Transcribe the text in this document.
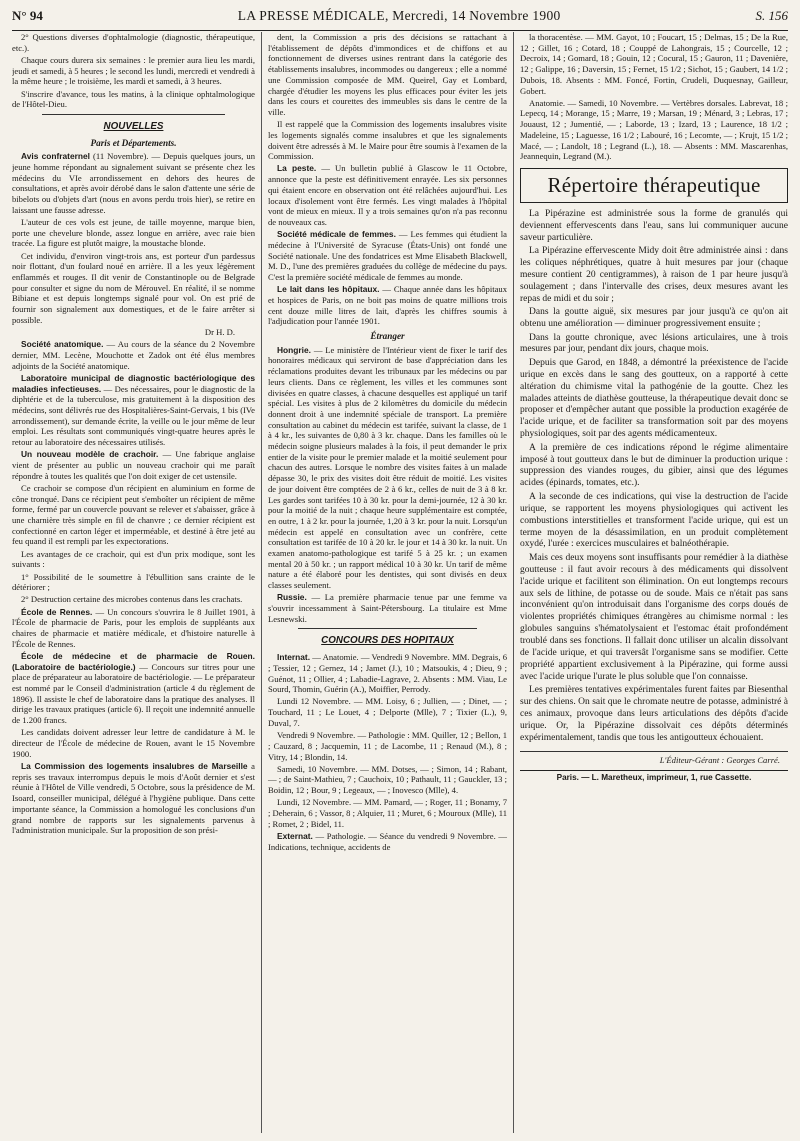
N° 94	LA PRESSE MÉDICALE, Mercredi, 14 Novembre 1900	S. 156

2° Questions diverses d'ophtalmologie (diagnostic, thérapeutique, etc.).

Chaque cours durera six semaines : le premier aura lieu les mardi, jeudi et samedi, à 5 heures ; le second les lundi, mercredi et vendredi à la même heure ; le troisième, les mardi et samedi, à 3 heures.

S'inscrire d'avance, tous les matins, à la clinique ophtalmologique de l'Hôtel-Dieu.

NOUVELLES
Paris et Départements.

Avis confraternel (11 Novembre). — Depuis quelques jours, un jeune homme répondant au signalement suivant se présente chez les médecins du VIe arrondissement en dehors des heures de consultations, et après avoir dérobé dans le salon d'attente une série de bibelots ou d'objets d'art (nous en avons perdu trois hier), se retire en laissant une fausse adresse.

L'auteur de ces vols est jeune, de taille moyenne, marque bien, porte une chevelure blonde, assez longue en arrière, avec raie bien tracée. La figure est plutôt maigre, la moustache blonde.

Cet individu, d'environ vingt-trois ans, est porteur d'un pardessus noir flottant, d'un foulard noué en arrière. Il a les yeux légèrement enflammés et rouges. Il dit venir de Constantinople ou de Belgrade pour consulter et signe du nom de Mérouvel. En réalité, il se nomme Bibiane et est depuis longtemps signalé pour vol. On est prié de fournir son signalement aux domestiques, et de le faire arrêter si possible.

Dr H. D.

Société anatomique. — Au cours de la séance du 2 Novembre dernier, MM. Lecène, Mouchotte et Zadok ont été élus membres adjoints de la Société anatomique.

Laboratoire municipal de diagnostic bactériologique des maladies infectieuses. — Des nécessaires, pour le diagnostic de la diphtérie et de la tuberculose, mis gratuitement à la disposition des médecins, sont délivrés rue des Hospitalières-Saint-Gervais, 1 bis (IVe arrondissement), sur demande écrite, la veille ou le jour même de leur emploi. Les résultats sont communiqués vingt-quatre heures après le retour au laboratoire des nécessaires utilisés.

Un nouveau modèle de crachoir. — Une fabrique anglaise vient de présenter au public un nouveau crachoir qui me paraît répondre à toutes les qualités que l'on doit exiger de cet ustensile.

Ce crachoir se compose d'un récipient en aluminium en forme de cône tronqué. Dans ce récipient peut s'emboîter un récipient de même forme, fermé par un couvercle pouvant se relever et s'abaisser, grâce à une charnière très simple en fil de chanvre ; ce dernier récipient est confectionné en carton léger et imperméable, et destiné à être jeté au feu quand il est rempli par les expectorations.

Les avantages de ce crachoir, qui est d'un prix modique, sont les suivants :

1° Possibilité de le soumettre à l'ébullition sans crainte de le détériorer ;

2° Destruction certaine des microbes contenus dans les crachats.

École de Rennes. — Un concours s'ouvrira le 8 Juillet 1901, à l'École de pharmacie de Paris, pour les emplois de suppléants aux chaires de pharmacie et matière médicale, et d'histoire naturelle à l'École de Rennes.

École de médecine et de pharmacie de Rouen. (Laboratoire de bactériologie.) — Concours sur titres pour une place de préparateur au laboratoire de bactériologie. — Le préparateur est nommé par le Conseil d'administration (article 4 du règlement de 1896). Il assiste le chef de laboratoire dans la pratique des analyses. Il dirige les travaux pratiques (article 6). Il reçoit une indemnité annuelle de 1.200 francs.

Les candidats doivent adresser leur lettre de candidature à M. le directeur de l'École de médecine de Rouen, avant le 15 Novembre 1900.

La Commission des logements insalubres de Marseille a repris ses travaux interrompus depuis le mois d'Août dernier et s'est réunie à l'Hôtel de Ville vendredi, 5 Octobre, sous la présidence de M. Isoard, conseiller municipal, délégué à l'hygiène publique. Dans cette importante séance, la Commission a homologué les conclusions d'un grand nombre de rapports sur les signalements parvenus à l'administration municipale. Sur la proposition de son prési-

dent, la Commission a pris des décisions se rattachant à l'établissement de dépôts d'immondices et de chiffons et au fonctionnement de diverses usines rentrant dans la catégorie des établissements insalubres, incommodes ou dangereux ; elle a nommé une Commission composée de MM. Queirel, Gay et Lombard, chargée d'étudier les moyens les plus efficaces pour éviter les jets dans les cours et courettes des immeubles sis dans le centre de la ville.

Il est rappelé que la Commission des logements insalubres visite les logements signalés comme insalubres et que les signalements doivent être adressés à M. le Maire pour être soumis à l'examen de la Commission.

La peste. — Un bulletin publié à Glascow le 11 Octobre, annonce que la peste est définitivement enrayée. Les six personnes qui étaient encore en observation ont été relâchées aujourd'hui. Les locaux d'isolement vont être fermés. Les vingt malades à l'hôpital vont de mieux en mieux. Il y a trois semaines qu'on n'a pas reconnu de nouveaux cas.

Société médicale de femmes. — Les femmes qui étudient la médecine à l'Université de Syracuse (États-Unis) ont fondé une Société nationale. Une des fondatrices est Mme Elisabeth Blackwell, M. D., l'une des premières graduées du collège de médecine du pays. C'est la première société médicale de femmes au monde.

Le lait dans les hôpitaux. — Chaque année dans les hôpitaux et hospices de Paris, on ne boit pas moins de quatre millions trois cent douze mille litres de lait, d'après les chiffres soumis à l'adjudication pour l'année 1901.

Étranger

Hongrie. — Le ministère de l'Intérieur vient de fixer le tarif des honoraires médicaux qui serviront de base d'appréciation dans les réclamations produites devant les tribunaux par les médecins ou par leurs clients. Dans ce règlement, les villes et les communes sont divisées en quatre classes, à chacune desquelles est appliqué un tarif spécial. Les visites à plus de 2 kilomètres du domicile du médecin donnent droit à une indemnité spéciale de transport. La première consultation au cabinet du médecin est tarifée, suivant la classe, de 1 à 4 kr., les suivantes de 0,80 à 3 kr. chaque. Dans les familles où le médecin soigne plusieurs malades à la fois, il peut demander le prix entier de la visite pour le premier malade et la moitié seulement pour chacun des autres. Lorsque le nombre des visites faites à un malade dépasse 30, le prix des visites doit être réduit de moitié. Les visites de jour doivent être comptées de 2 à 6 kr., celles de nuit de 3 à 8 kr. Les gardes sont tarifées 10 à 30 kr. pour la demi-journée, 12 à 30 kr. pour la moitié de la nuit ; chaque heure supplémentaire est comptée, en outre, 1 à 2 kr. pour la journée, 1,20 à 3 kr. pour la nuit. Lorsqu'un médecin est appelé en consultation avec un confrère, cette consultation est tarifée de 10 à 20 kr. le jour et 14 à 30 kr. la nuit. Un examen anatomo-pathologique est tarifé 5 à 25 kr. ; un examen mental 20 à 50 kr. ; un rapport médical 10 à 30 kr. Un tarif de même nature a été élaboré pour les dentistes, qui sont divisés en deux classes seulement.

Russie. — La première pharmacie tenue par une femme va s'ouvrir incessamment à Saint-Pétersbourg. La titulaire est Mme Lesnewski.

CONCOURS DES HOPITAUX

Internat. — Anatomie. — Vendredi 9 Novembre. MM. Degrais, 6 ; Tessier, 12 ; Gernez, 14 ; Jamet (J.), 10 ; Matsoukis, 4 ; Dieu, 9 ; Guénot, 11 ; Ollier, 4 ; Labadie-Lagrave, 2. Absents : MM. Viau, Le Sourd, Thomin, Guérin (A.), Moiffier, Perrody.

Lundi 12 Novembre. — MM. Loisy, 6 ; Jullien, — ; Dinet, — ; Touchard, 11 ; Le Louet, 4 ; Delporte (Mlle), 7 ; Tixier (L.), 9, Duval, 7.

Vendredi 9 Novembre. — Pathologie : MM. Quiller, 12 ; Bellon, 1 ; Cauzard, 8 ; Jacquemin, 11 ; de Lacombe, 11 ; Renaud (M.), 8 ; Vitry, 14 ; Blondin, 14.

Samedi, 10 Novembre. — MM. Dotses, — ; Simon, 14 ; Rabant, — ; de Saint-Mathieu, 7 ; Cauchoix, 10 ; Pathault, 11 ; Gauckler, 13 ; Boidin, 12 ; Bour, 9 ; Legeaux, — ; Inovesco (Mlle), 4.

Lundi, 12 Novembre. — MM. Pamard, — ; Roger, 11 ; Bonamy, 7 ; Deherain, 6 ; Vassor, 8 ; Alquier, 11 ; Muret, 6 ; Mouroux (Mlle), 11 ; Romet, 2 ; Bidel, 11.

Externat. — Pathologie. — Séance du vendredi 9 Novembre. — Indications, technique, accidents de

la thoracentèse. — MM. Gayot, 10 ; Foucart, 15 ; Delmas, 15 ; De la Rue, 12 ; Gillet, 16 ; Cotard, 18 ; Couppé de Lahongrais, 15 ; Courcelle, 12 ; Decroix, 14 ; Gomard, 18 ; Gouin, 12 ; Cocural, 15 ; Gauron, 11 ; Davenière, 12 ; Galippe, 16 ; Daversin, 15 ; Fernet, 15 1/2 ; Sichot, 15 ; Gaubert, 14 1/2 ; Dubois, 18. Absents : MM. Foncé, Fortin, Crudeli, Duquesnay, Gailleur, Gobert.

Anatomie. — Samedi, 10 Novembre. — Vertèbres dorsales. Labrevat, 18 ; Lepecq, 14 ; Morange, 15 ; Marre, 19 ; Marsan, 19 ; Ménard, 3 ; Lebras, 17 ; Jouaust, 12 ; Jumentié, — ; Laborde, 13 ; Izard, 13 ; Laurence, 18 1/2 ; Madeleine, 15 ; Laguesse, 16 1/2 ; Labouré, 16 ; Lecomte, — ; Krujt, 15 1/2 ; Macé, — ; Landolt, 18 ; Legrand (L.), 18. — Absents : MM. Mascarenhas, Jeannequin, Legrand (M.).

Répertoire thérapeutique

La Pipérazine est administrée sous la forme de granulés qui deviennent effervescents dans l'eau, sans lui communiquer aucune saveur particulière.

La Pipérazine effervescente Midy doit être administrée ainsi : dans les coliques néphrétiques, quatre à huit mesures par jour (chaque mesure contient 20 centigrammes), à raison de 1 par heure jusqu'à soulagement ; dans l'intervalle des crises, deux mesures avant les repas de midi et du soir ;

Dans la goutte aiguë, six mesures par jour jusqu'à ce qu'on ait obtenu une amélioration — diminuer progressivement ensuite ;

Dans la goutte chronique, avec lésions articulaires, une à trois mesures par jour, pendant dix jours, chaque mois.

Depuis que Garod, en 1848, a démontré la préexistence de l'acide urique en excès dans le sang des goutteux, on a rapporté à cette altération du chimisme vital la pathogénie de la goutte. Chez les malades atteints de diathèse goutteuse, la thérapeutique devait donc se proposer et d'empêcher autant que possible la production exagérée de l'acide urique, et de faciliter sa transformation soit par des moyens physiologiques, soit par des agents médicamenteux.

A la première de ces indications répond le régime alimentaire imposé à tout goutteux dans le but de diminuer la production urique : suppression des viandes rouges, du gibier, ainsi que des légumes acides (épinards, tomates, etc.).

A la seconde de ces indications, qui vise la destruction de l'acide urique, se rapportent les moyens physiologiques qui activent les combustions interstitielles et transforment l'acide urique, qui est un terme moyen de la désassimilation, en un produit complètement oxydé, l'urée : exercices musculaires et balnéothérapie.

Mais ces deux moyens sont insuffisants pour remédier à la diathèse goutteuse : il faut avoir recours à des médicaments qui dissolvent l'acide urique et facilitent son élimination. On eut longtemps recours aux sels de lithine, de potasse ou de soude. Mais ce n'était pas sans inconvénient qu'on introduisait dans l'organisme des corps doués de violentes propriétés chimiques étrangères au chimisme normal : les globules sanguins s'hématolysaient et l'estomac était profondément troublé dans ses fonctions. Il fallait donc utiliser un alcalin dissolvant de l'acide urique, et qui traversât l'organisme sans se modifier. Cette propriété appartient exclusivement à la Pipérazine, qui forme aussi avec l'acide urique l'urate le plus soluble que l'on connaisse.

Les premières tentatives expérimentales furent faites par Biesenthal sur des chiens. On sait que le chromate neutre de potasse, administré à ces animaux, provoque dans leurs articulations des dépôts d'acide urique. Or, la Pipérazine dissolvait ces dépôts déterminés expérimentalement, tandis que tous les antigoutteux échouaient.

L'Éditeur-Gérant : Georges Carré.
Paris. — L. Maretheux, imprimeur, 1, rue Cassette.
